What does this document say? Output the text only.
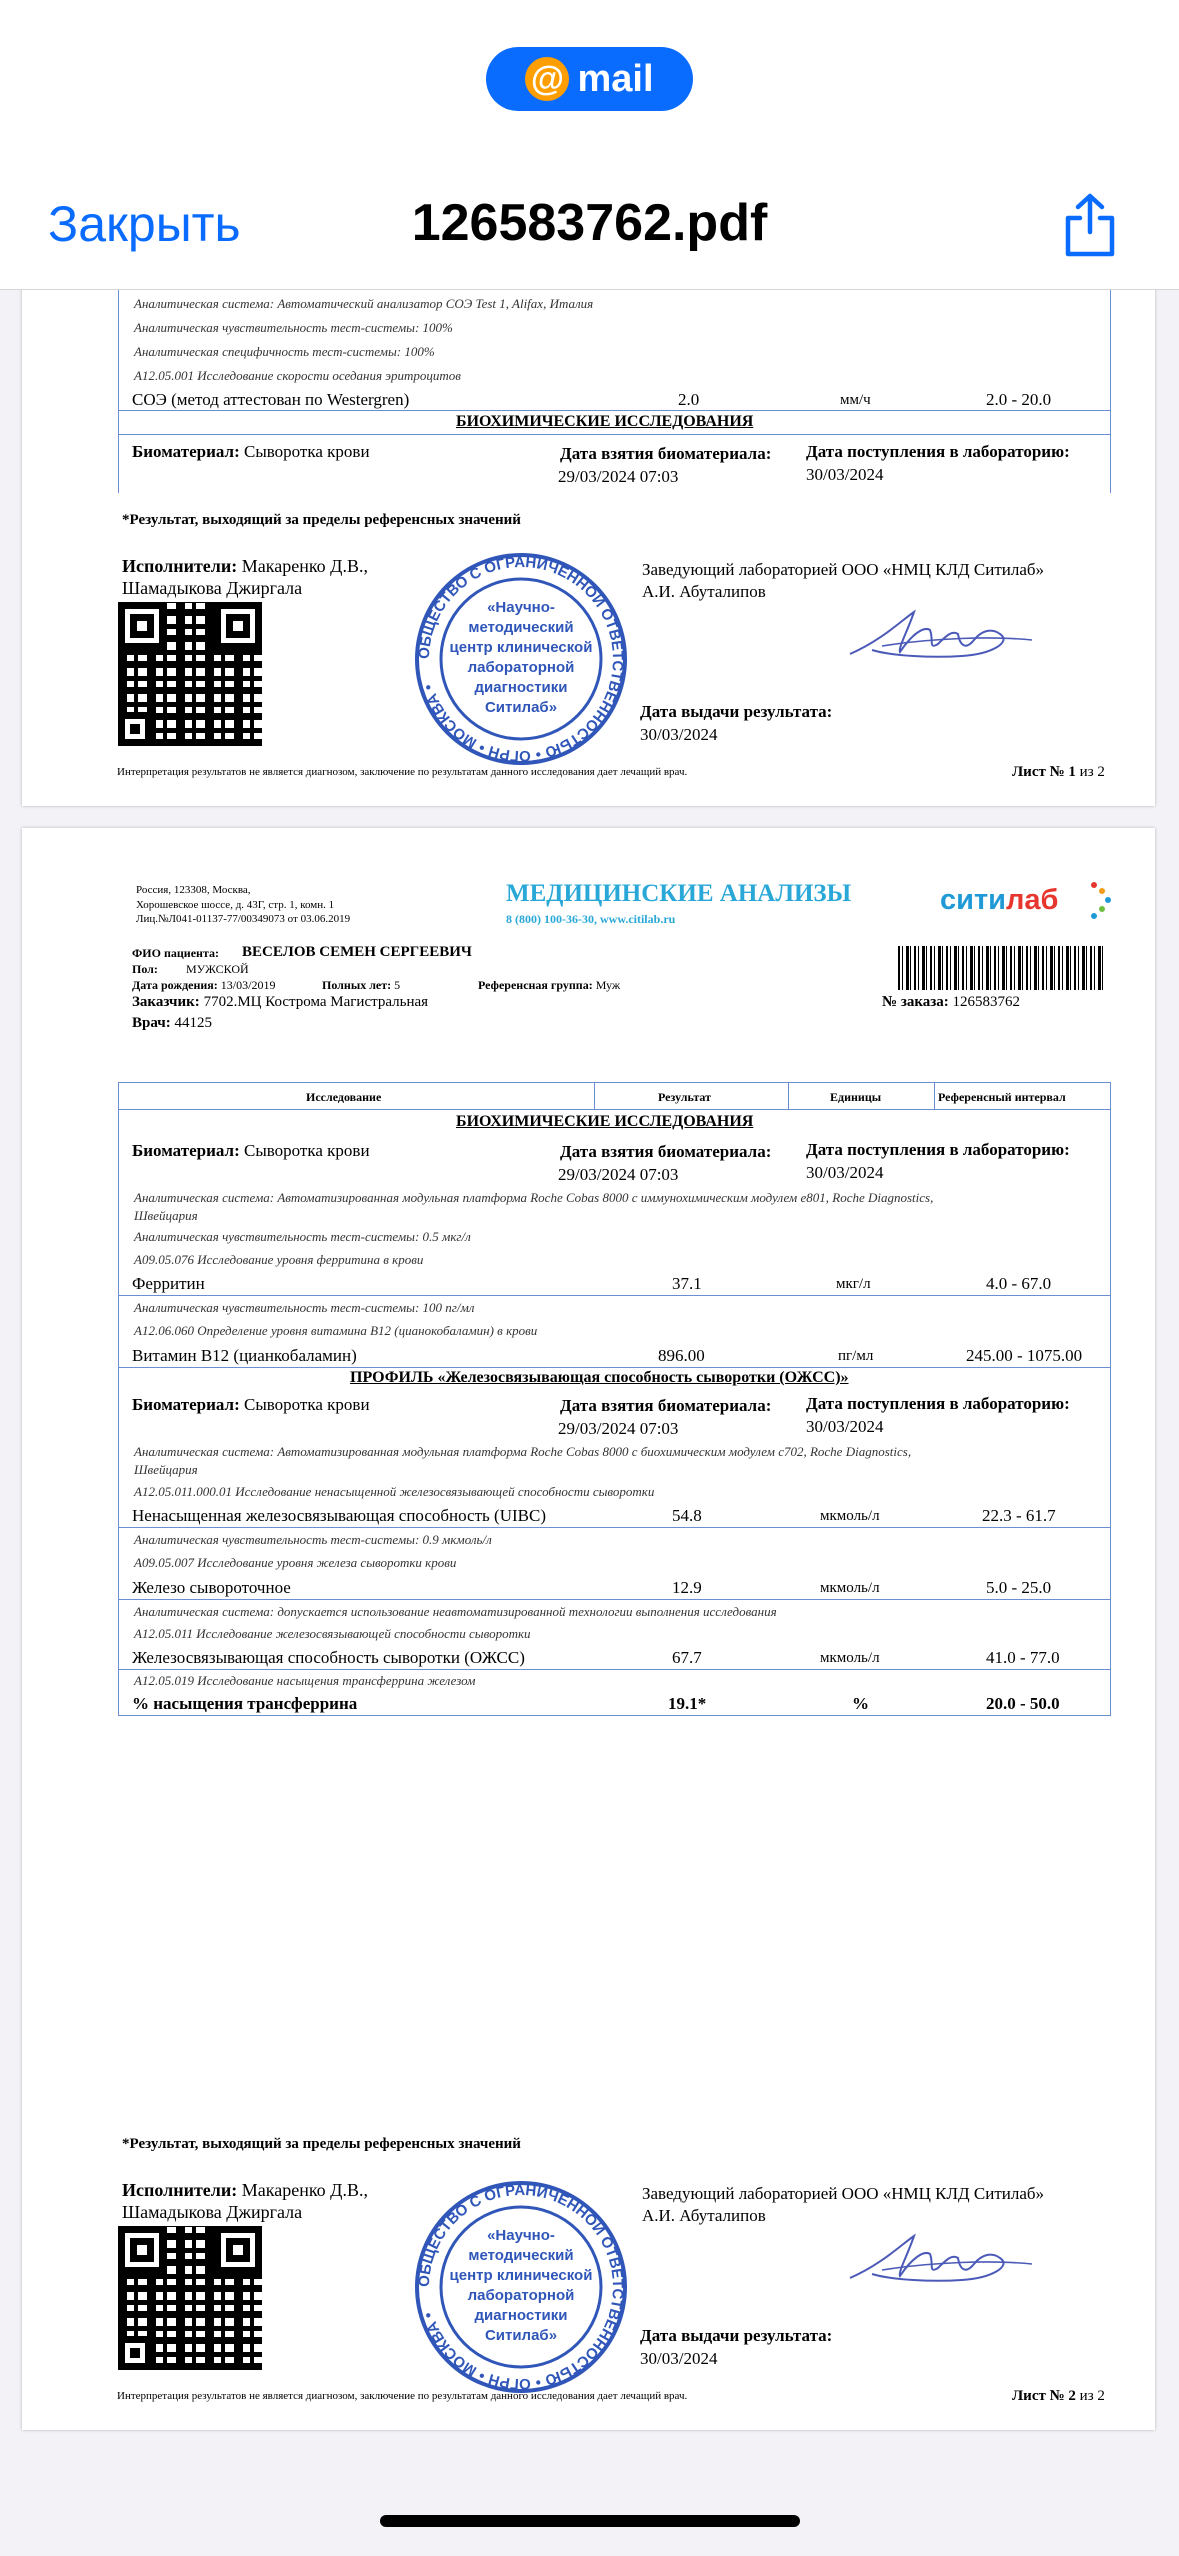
@ mail
Закрыть	126583762.pdf
Аналитическая система: Автоматический анализатор СОЭ Test 1, Alifax, Италия
Аналитическая чувствительность тест-системы: 100%
Аналитическая специфичность тест-системы: 100%
A12.05.001 Исследование скорости оседания эритроцитов
СОЭ (метод аттестован по Westergren)	2.0	мм/ч	2.0 - 20.0
БИОХИМИЧЕСКИЕ ИССЛЕДОВАНИЯ
Биоматериал: Сыворотка крови	Дата взятия биоматериала:
29/03/2024 07:03
Дата поступления в лабораторию:
30/03/2024
*Результат, выходящий за пределы референсных значений
Исполнители: Макаренко Д.В.,
Шамадыкова Джиргала
ОБЩЕСТВО С ОГРАНИЧЕННОЙ ОТВЕТСТВЕННОСТЬЮ • ОГРН • МОСКВА •
«Научно-
методический
центр клинической
лабораторной
диагностики
Ситилаб»
Заведующий лабораторией ООО «НМЦ КЛД Ситилаб»
А.И. Абуталипов
Дата выдачи результата:
30/03/2024
Интерпретация результатов не является диагнозом, заключение по результатам данного исследования дает лечащий врач.	Лист № 1 из 2
Россия, 123308, Москва,
Хорошевское шоссе, д. 43Г, стр. 1, комн. 1
Лиц.№Л041-01137-77/00349073 от 03.06.2019
МЕДИЦИНСКИЕ АНАЛИЗЫ
8 (800) 100-36-30, www.citilab.ru
ситилаб
ФИО пациента: ВЕСЕЛОВ СЕМЕН СЕРГЕЕВИЧ
Пол: МУЖСКОЙ
Дата рождения: 13/03/2019	Полных лет: 5	Референсная группа: Муж
Заказчик: 7702.МЦ Кострома Магистральная
Врач: 44125
№ заказа: 126583762
Исследование	Результат	Единицы	Референсный интервал
БИОХИМИЧЕСКИЕ ИССЛЕДОВАНИЯ
Биоматериал: Сыворотка крови	Дата взятия биоматериала:
29/03/2024 07:03
Дата поступления в лабораторию:
30/03/2024
Аналитическая система: Автоматизированная модульная платформа Roche Cobas 8000 с иммунохимическим модулем e801, Roche Diagnostics,
Швейцария
Аналитическая чувствительность тест-системы: 0.5 мкг/л
A09.05.076 Исследование уровня ферритина в крови
Ферритин	37.1	мкг/л	4.0 - 67.0
Аналитическая чувствительность тест-системы: 100 пг/мл
A12.06.060 Определение уровня витамина B12 (цианокобаламин) в крови
Витамин B12 (цианкобаламин)	896.00	пг/мл	245.00 - 1075.00
ПРОФИЛЬ «Железосвязывающая способность сыворотки (ОЖСС)»
Биоматериал: Сыворотка крови	Дата взятия биоматериала:
29/03/2024 07:03
Дата поступления в лабораторию:
30/03/2024
Аналитическая система: Автоматизированная модульная платформа Roche Cobas 8000 с биохимическим модулем c702, Roche Diagnostics,
Швейцария
A12.05.011.000.01 Исследование ненасыщенной железосвязывающей способности сыворотки
Ненасыщенная железосвязывающая способность (UIBC)	54.8	мкмоль/л	22.3 - 61.7
Аналитическая чувствительность тест-системы: 0.9 мкмоль/л
A09.05.007 Исследование уровня железа сыворотки крови
Железо сывороточное	12.9	мкмоль/л	5.0 - 25.0
Аналитическая система: допускается использование неавтоматизированной технологии выполнения исследования
A12.05.011 Исследование железосвязывающей способности сыворотки
Железосвязывающая способность сыворотки (ОЖСС)	67.7	мкмоль/л	41.0 - 77.0
A12.05.019 Исследование насыщения трансферрина железом
% насыщения трансферрина	19.1*	%	20.0 - 50.0
*Результат, выходящий за пределы референсных значений
Исполнители: Макаренко Д.В.,
Шамадыкова Джиргала
ОБЩЕСТВО С ОГРАНИЧЕННОЙ ОТВЕТСТВЕННОСТЬЮ • ОГРН • МОСКВА •
«Научно-
методический
центр клинической
лабораторной
диагностики
Ситилаб»
Заведующий лабораторией ООО «НМЦ КЛД Ситилаб»
А.И. Абуталипов
Дата выдачи результата:
30/03/2024
Интерпретация результатов не является диагнозом, заключение по результатам данного исследования дает лечащий врач.	Лист № 2 из 2
